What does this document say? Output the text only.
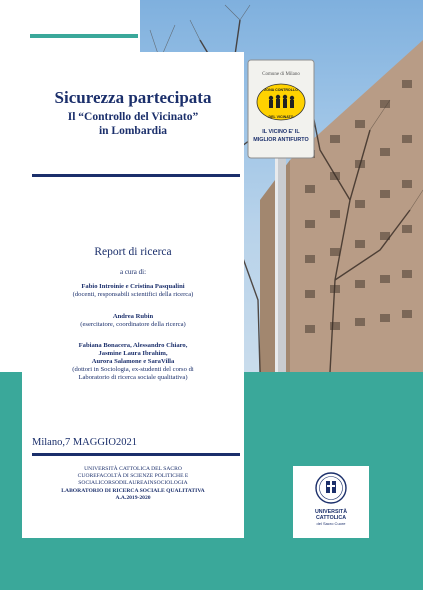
Comune di Milano
ZONA CONTROLLO
DEL VICINATO
IL VICINO E' IL
MIGLIOR ANTIFURTO
Sicurezza partecipata
Il “Controllo del Vicinato”
in Lombardia
Report di ricerca
a cura di:
Fabio Introinie e Cristina Pasqualini
(docenti, responsabili scientifici della ricerca)
Andrea Rubin
(esercitatore, coordinatore della ricerca)
Fabiana Bonacera, Alessandro Chiaro,
Jasmine Laura Ibrahim,
Aurora Salamone e SaraVilla
(dottori in Sociologia, ex-studenti del corso di
Laboratorio di ricerca sociale qualitativa)
Milano,7 MAGGIO2021
UNIVERSITÀ CATTOLICA DEL SACRO
CUOREFACOLTÀ DI SCIENZE POLITICHE E
SOCIALICORSODILAUREAINSOCIOLOGIA
LABORATORIO DI RICERCA SOCIALE QUALITATIVA
A.A.2019-2020
UNIVERSITÀ
CATTOLICA
del Sacro Cuore
